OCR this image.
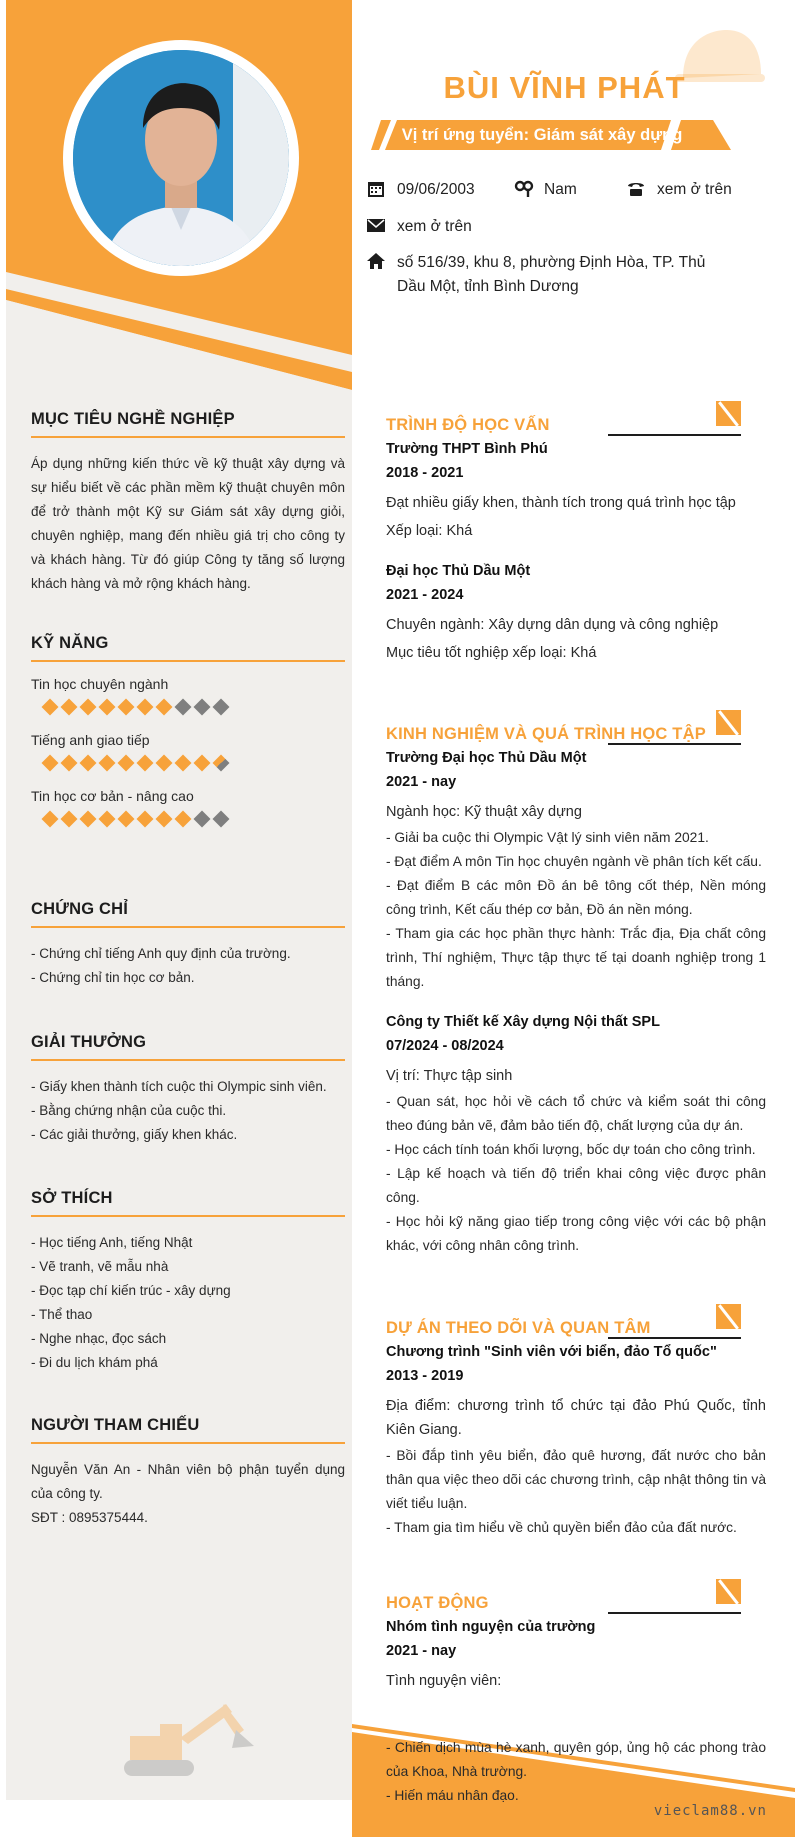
MỤC TIÊU NGHỀ NGHIỆP

Áp dụng những kiến thức về kỹ thuật xây dựng và sự hiểu biết về các phần mềm kỹ thuật chuyên môn để trở thành một Kỹ sư Giám sát xây dựng giỏi, chuyên nghiệp, mang đến nhiều giá trị cho công ty và khách hàng. Từ đó giúp Công ty tăng số lượng khách hàng và mở rộng khách hàng.

KỸ NĂNG
Tin học chuyên ngành
Tiếng anh giao tiếp
Tin học cơ bản - nâng cao
CHỨNG CHỈ
- Chứng chỉ tiếng Anh quy định của trường.
- Chứng chỉ tin học cơ bản.
GIẢI THƯỞNG
- Giấy khen thành tích cuộc thi Olympic sinh viên.
- Bằng chứng nhận của cuộc thi.
- Các giải thưởng, giấy khen khác.
SỞ THÍCH
- Học tiếng Anh, tiếng Nhật
- Vẽ tranh, vẽ mẫu nhà
- Đọc tạp chí kiến trúc - xây dựng
- Thể thao
- Nghe nhạc, đọc sách
- Đi du lịch khám phá
NGƯỜI THAM CHIẾU

Nguyễn Văn An - Nhân viên bộ phận tuyển dụng của công ty.

SĐT : 0895375444.

BÙI VĨNH PHÁT
Vị trí ứng tuyển: Giám sát xây dựng
09/06/2003	Nam	xem ở trên
xem ở trên
số 516/39, khu 8, phường Định Hòa, TP. Thủ Dầu Một, tỉnh Bình Dương
TRÌNH ĐỘ HỌC VẤN
Trường THPT Bình Phú
2018 - 2021
Đạt nhiều giấy khen, thành tích trong quá trình học tập
Xếp loại: Khá
Đại học Thủ Dầu Một
2021 - 2024
Chuyên ngành: Xây dựng dân dụng và công nghiệp
Mục tiêu tốt nghiệp xếp loại: Khá
KINH NGHIỆM VÀ QUÁ TRÌNH HỌC TẬP
Trường Đại học Thủ Dầu Một
2021 - nay
Ngành học: Kỹ thuật xây dựng
- Giải ba cuộc thi Olympic Vật lý sinh viên năm 2021.
- Đạt điểm A môn Tin học chuyên ngành về phân tích kết cấu.
- Đạt điểm B các môn Đồ án bê tông cốt thép, Nền móng công trình, Kết cấu thép cơ bản, Đồ án nền móng.
- Tham gia các học phần thực hành: Trắc địa, Địa chất công trình, Thí nghiệm, Thực tập thực tế tại doanh nghiệp trong 1 tháng.
Công ty Thiết kế Xây dựng Nội thất SPL
07/2024 - 08/2024
Vị trí: Thực tập sinh
- Quan sát, học hỏi về cách tổ chức và kiểm soát thi công theo đúng bản vẽ, đảm bảo tiến độ, chất lượng của dự án.
- Học cách tính toán khối lượng, bốc dự toán cho công trình.
- Lập kế hoạch và tiến độ triển khai công việc được phân công.
- Học hỏi kỹ năng giao tiếp trong công việc với các bộ phận khác, với công nhân công trình.
DỰ ÁN THEO DÕI VÀ QUAN TÂM
Chương trình "Sinh viên với biển, đảo Tổ quốc"
2013 - 2019
Địa điểm: chương trình tổ chức tại đảo Phú Quốc, tỉnh Kiên Giang.
- Bồi đắp tình yêu biển, đảo quê hương, đất nước cho bản thân qua việc theo dõi các chương trình, cập nhật thông tin và viết tiểu luận.
- Tham gia tìm hiểu về chủ quyền biển đảo của đất nước.
HOẠT ĐỘNG
Nhóm tình nguyện của trường
2021 - nay
Tình nguyện viên:
- Chiến dịch mùa hè xanh, quyên góp, ủng hộ các phong trào của Khoa, Nhà trường.
- Hiến máu nhân đạo.
vieclam88.vn
